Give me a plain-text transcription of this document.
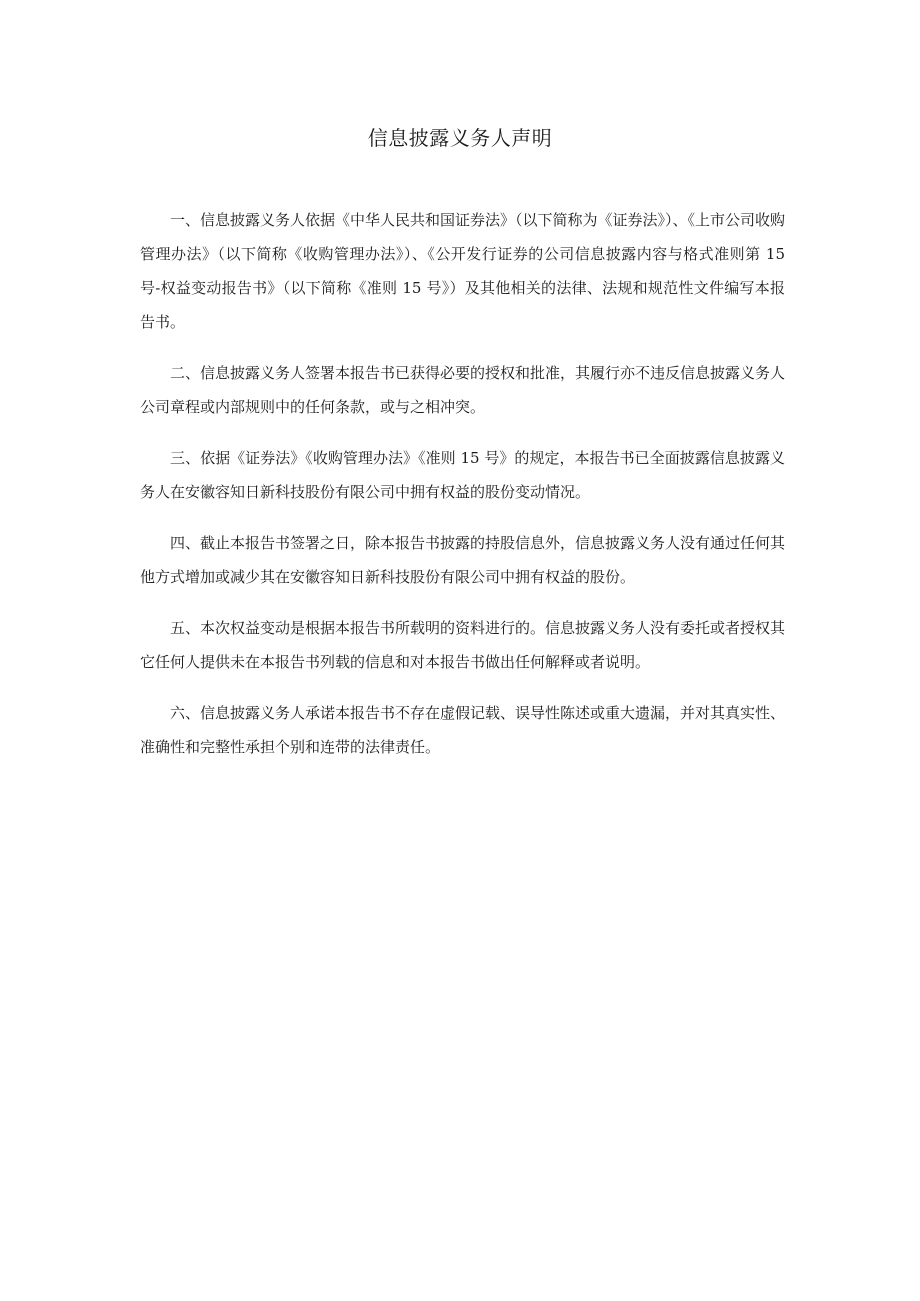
信息披露义务人声明

一、信息披露义务人依据《中华人民共和国证券法》（以下简称为《证券法》）、《上市公司收购管理办法》（以下简称《收购管理办法》）、《公开发行证券的公司信息披露内容与格式准则第 15 号-权益变动报告书》（以下简称《准则 15 号》）及其他相关的法律、法规和规范性文件编写本报告书。

二、信息披露义务人签署本报告书已获得必要的授权和批准，其履行亦不违反信息披露义务人公司章程或内部规则中的任何条款，或与之相冲突。

三、依据《证券法》《收购管理办法》《准则 15 号》的规定，本报告书已全面披露信息披露义务人在安徽容知日新科技股份有限公司中拥有权益的股份变动情况。

四、截止本报告书签署之日，除本报告书披露的持股信息外，信息披露义务人没有通过任何其他方式增加或减少其在安徽容知日新科技股份有限公司中拥有权益的股份。

五、本次权益变动是根据本报告书所载明的资料进行的。信息披露义务人没有委托或者授权其它任何人提供未在本报告书列载的信息和对本报告书做出任何解释或者说明。

六、信息披露义务人承诺本报告书不存在虚假记载、误导性陈述或重大遗漏，并对其真实性、准确性和完整性承担个别和连带的法律责任。
